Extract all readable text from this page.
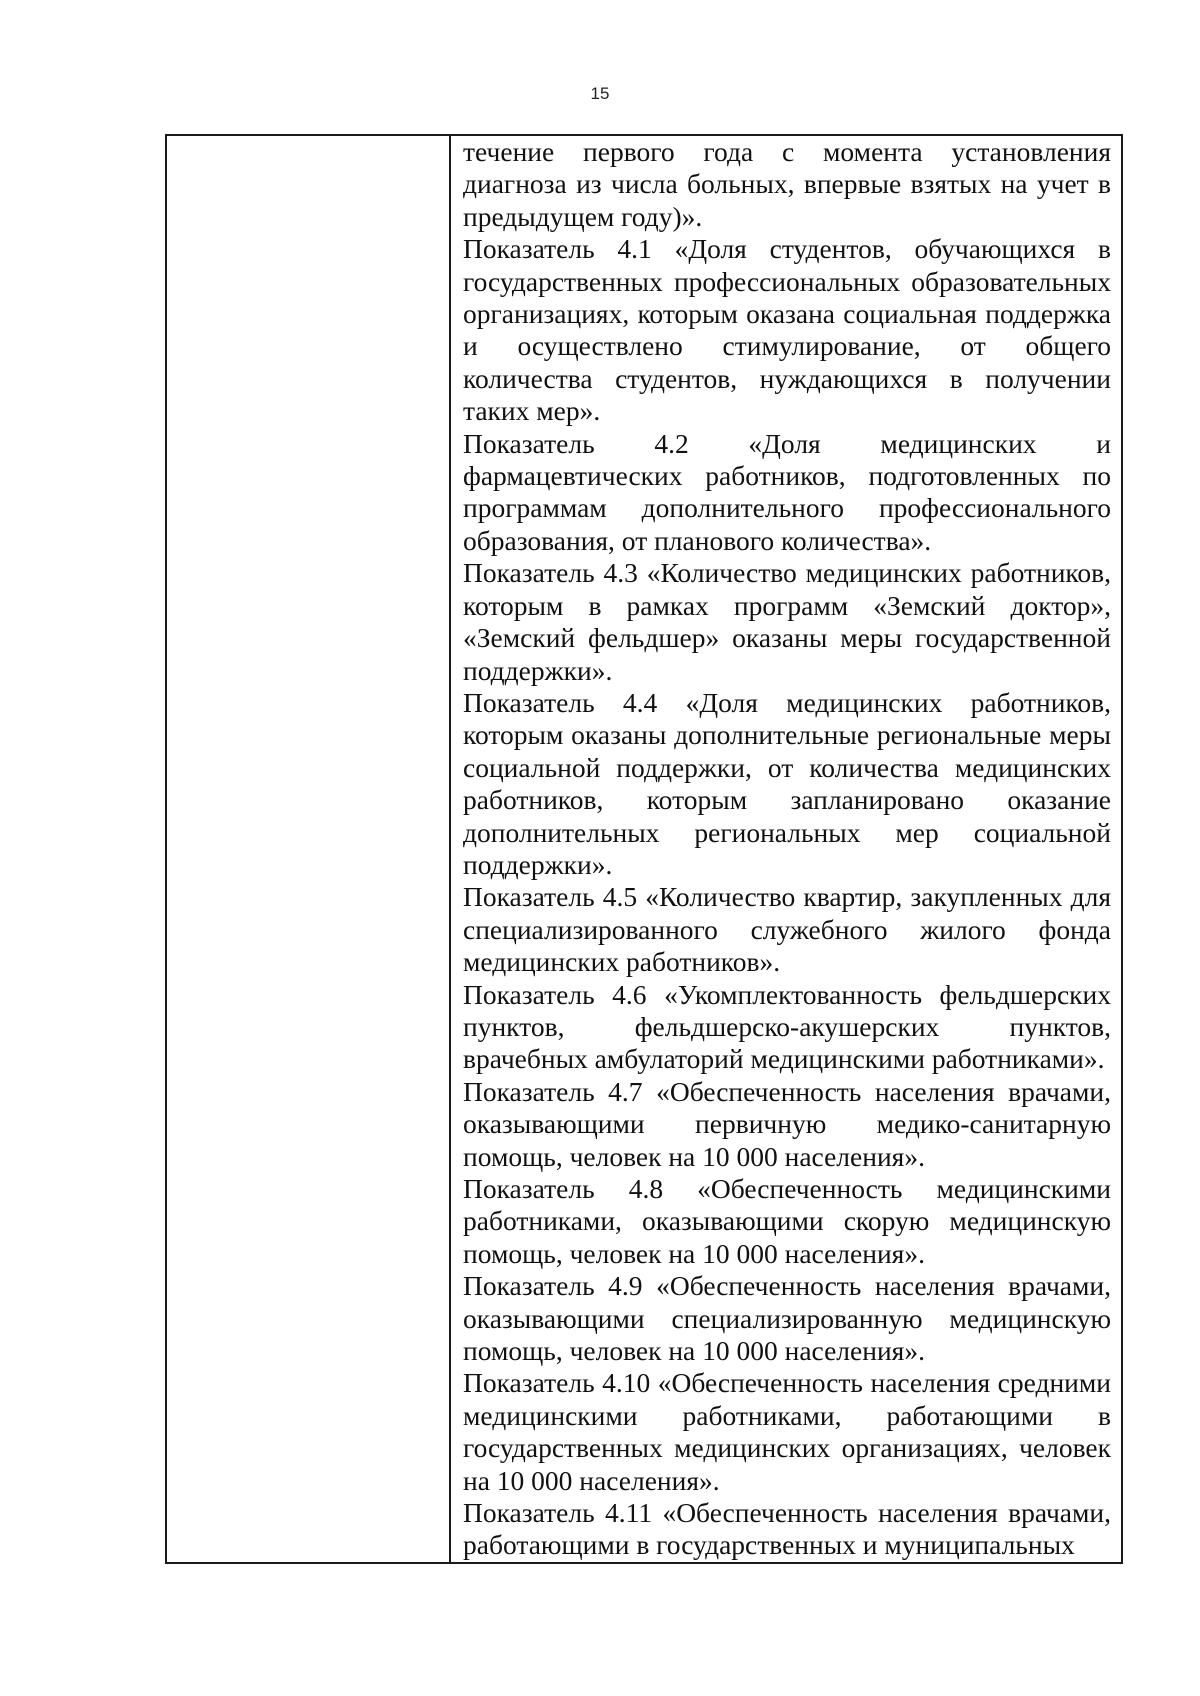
15

течение первого года с момента установления диагноза из числа больных, впервые взятых на учет в предыдущем году)».

Показатель 4.1 «Доля студентов, обучающихся в государственных профессиональных образовательных организациях, которым оказана социальная поддержка и осуществлено стимулирование, от общего количества студентов, нуждающихся в получении таких мер».

Показатель 4.2 «Доля медицинских и фармацевтических работников, подготовленных по программам дополнительного профессионального образования, от планового количества».

Показатель 4.3 «Количество медицинских работников, которым в рамках программ «Земский доктор», «Земский фельдшер» оказаны меры государственной поддержки».

Показатель 4.4 «Доля медицинских работников, которым оказаны дополнительные региональные меры социальной поддержки, от количества медицинских работников, которым запланировано оказание дополнительных региональных мер социальной поддержки».

Показатель 4.5 «Количество квартир, закупленных для специализированного служебного жилого фонда медицинских работников».

Показатель 4.6 «Укомплектованность фельдшерских пунктов, фельдшерско-акушерских пунктов, врачебных амбулаторий медицинскими работниками».

Показатель 4.7 «Обеспеченность населения врачами, оказывающими первичную медико-санитарную помощь, человек на 10 000 населения».

Показатель 4.8 «Обеспеченность медицинскими работниками, оказывающими скорую медицинскую помощь, человек на 10 000 населения».

Показатель 4.9 «Обеспеченность населения врачами, оказывающими специализированную медицинскую помощь, человек на 10 000 населения».

Показатель 4.10 «Обеспеченность населения средними медицинскими работниками, работающими в государственных медицинских организациях, человек на 10 000 населения».

Показатель 4.11 «Обеспеченность населения врачами, работающими в государственных и муниципальных
